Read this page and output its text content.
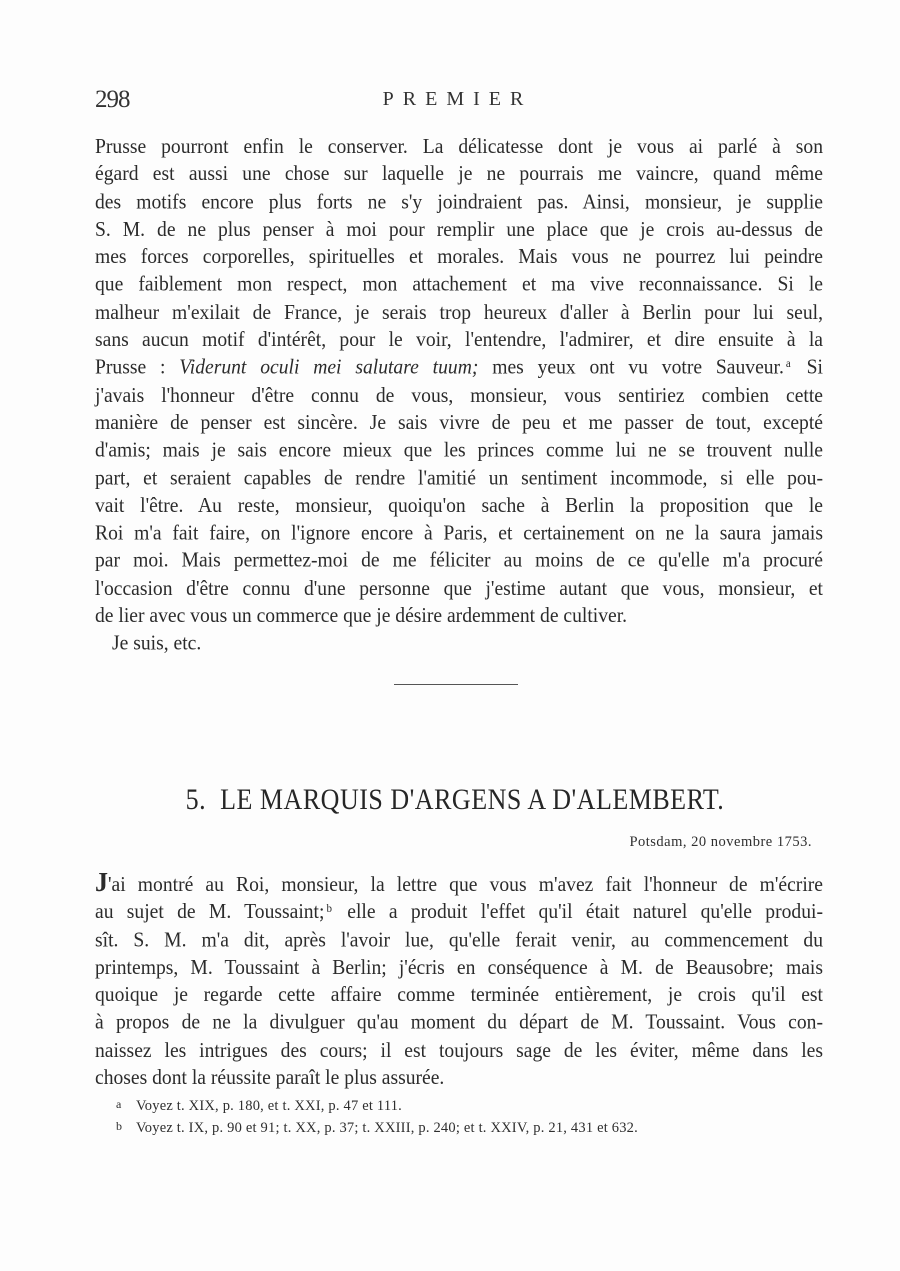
298	PREMIER
Prusse pourront enfin le conserver. La délicatesse dont je vous ai parlé à son
égard est aussi une chose sur laquelle je ne pourrais me vaincre, quand même
des motifs encore plus forts ne s'y joindraient pas. Ainsi, monsieur, je supplie
S. M. de ne plus penser à moi pour remplir une place que je crois au-dessus de
mes forces corporelles, spirituelles et morales. Mais vous ne pourrez lui peindre
que faiblement mon respect, mon attachement et ma vive reconnaissance. Si le
malheur m'exilait de France, je serais trop heureux d'aller à Berlin pour lui seul,
sans aucun motif d'intérêt, pour le voir, l'entendre, l'admirer, et dire ensuite à la
Prusse : Viderunt oculi mei salutare tuum; mes yeux ont vu votre Sauveur. $^a$ Si
j'avais l'honneur d'être connu de vous, monsieur, vous sentiriez combien cette
manière de penser est sincère. Je sais vivre de peu et me passer de tout, excepté
d'amis; mais je sais encore mieux que les princes comme lui ne se trouvent nulle
part, et seraient capables de rendre l'amitié un sentiment incommode, si elle pou-
vait l'être. Au reste, monsieur, quoiqu'on sache à Berlin la proposition que le
Roi m'a fait faire, on l'ignore encore à Paris, et certainement on ne la saura jamais
par moi. Mais permettez-moi de me féliciter au moins de ce qu'elle m'a procuré
l'occasion d'être connu d'une personne que j'estime autant que vous, monsieur, et
de lier avec vous un commerce que je désire ardemment de cultiver.
Je suis, etc.
5. LE MARQUIS D'ARGENS A D'ALEMBERT.
Potsdam, 20 novembre 1753.
J'ai montré au Roi, monsieur, la lettre que vous m'avez fait l'honneur de m'écrire
au sujet de M. Toussaint; $^b$ elle a produit l'effet qu'il était naturel qu'elle produi-
sît. S. M. m'a dit, après l'avoir lue, qu'elle ferait venir, au commencement du
printemps, M. Toussaint à Berlin; j'écris en conséquence à M. de Beausobre; mais
quoique je regarde cette affaire comme terminée entièrement, je crois qu'il est
à propos de ne la divulguer qu'au moment du départ de M. Toussaint. Vous con-
naissez les intrigues des cours; il est toujours sage de les éviter, même dans les
choses dont la réussite paraît le plus assurée.
a Voyez t. XIX, p. 180, et t. XXI, p. 47 et 111.
b Voyez t. IX, p. 90 et 91; t. XX, p. 37; t. XXIII, p. 240; et t. XXIV, p. 21, 431 et 632.
